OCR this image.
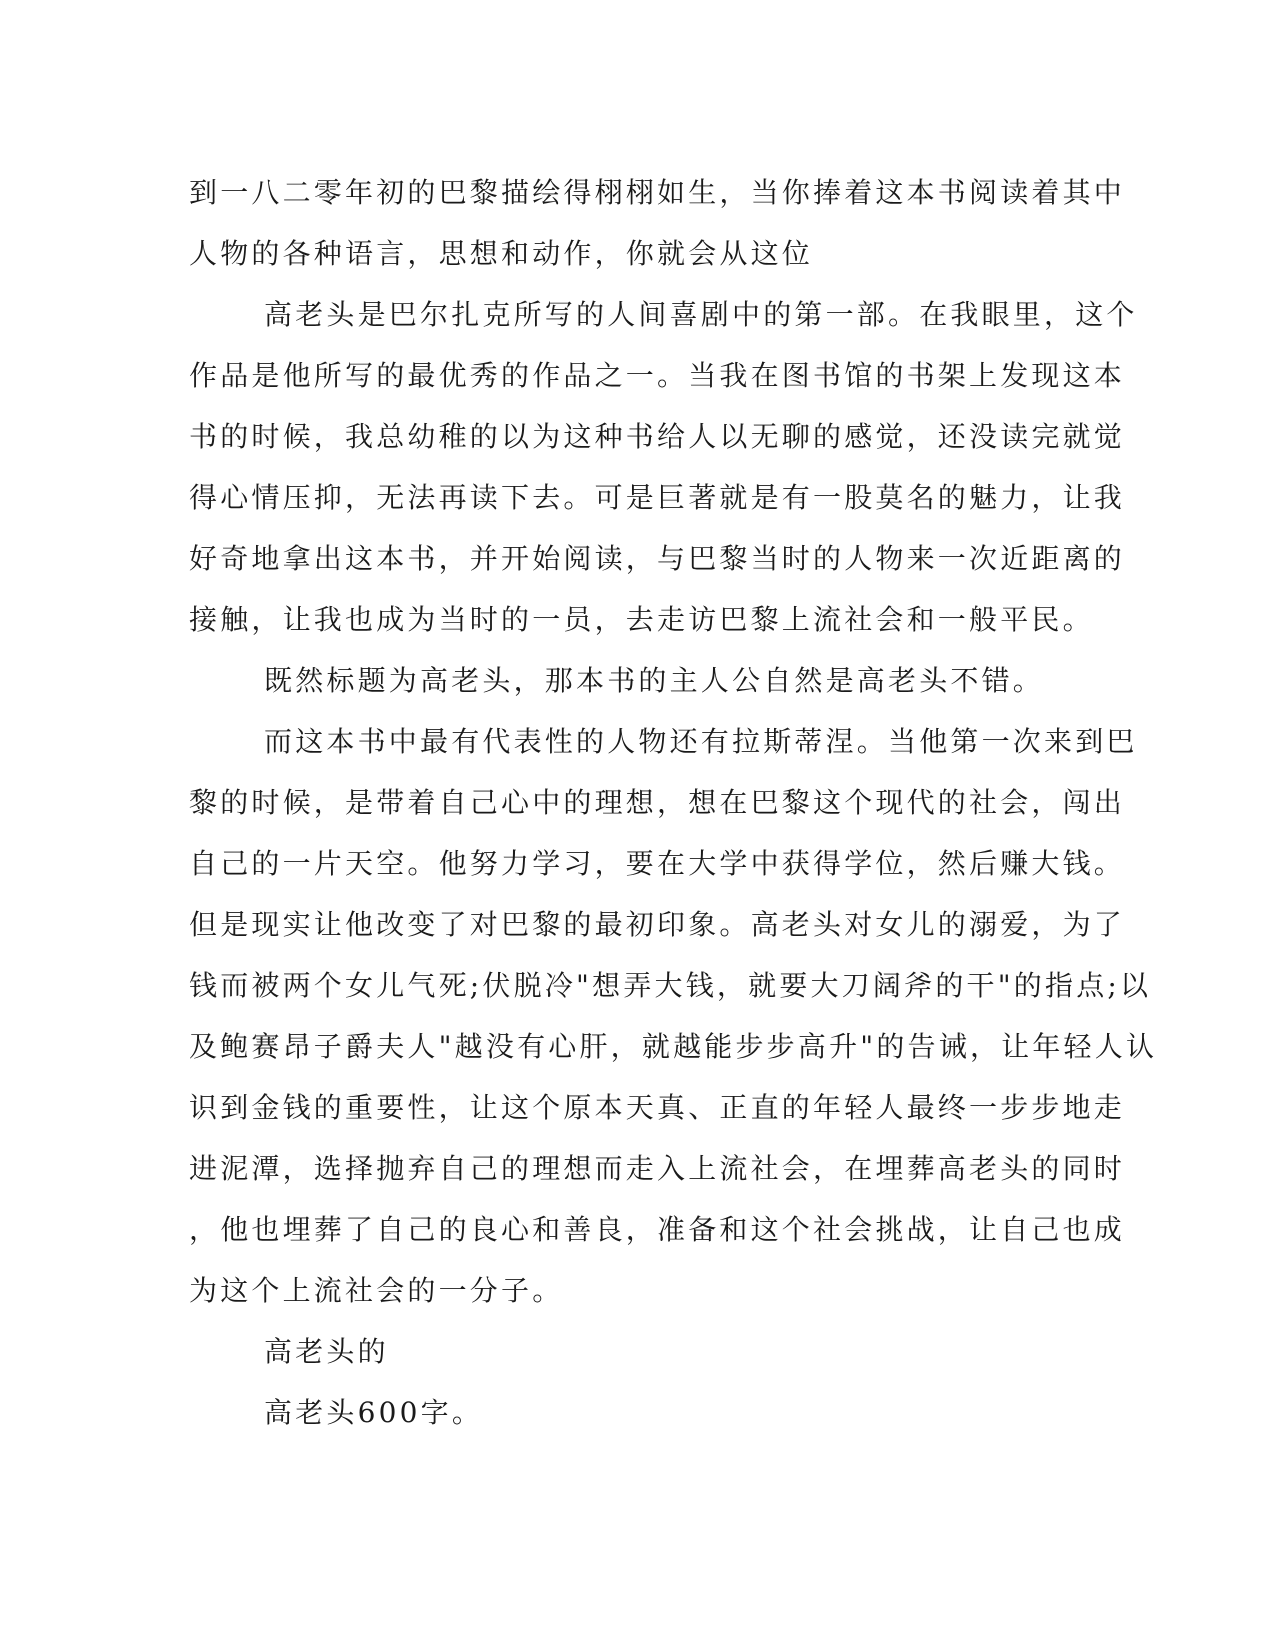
到一八二零年初的巴黎描绘得栩栩如生，当你捧着这本书阅读着其中
人物的各种语言，思想和动作，你就会从这位
高老头是巴尔扎克所写的人间喜剧中的第一部。在我眼里，这个
作品是他所写的最优秀的作品之一。当我在图书馆的书架上发现这本
书的时候，我总幼稚的以为这种书给人以无聊的感觉，还没读完就觉
得心情压抑，无法再读下去。可是巨著就是有一股莫名的魅力，让我
好奇地拿出这本书，并开始阅读，与巴黎当时的人物来一次近距离的
接触，让我也成为当时的一员，去走访巴黎上流社会和一般平民。
既然标题为高老头，那本书的主人公自然是高老头不错。
而这本书中最有代表性的人物还有拉斯蒂涅。当他第一次来到巴
黎的时候，是带着自己心中的理想，想在巴黎这个现代的社会，闯出
自己的一片天空。他努力学习，要在大学中获得学位，然后赚大钱。
但是现实让他改变了对巴黎的最初印象。高老头对女儿的溺爱，为了
钱而被两个女儿气死;伏脱冷"想弄大钱，就要大刀阔斧的干"的指点;以
及鲍赛昂子爵夫人"越没有心肝，就越能步步高升"的告诫，让年轻人认
识到金钱的重要性，让这个原本天真、正直的年轻人最终一步步地走
进泥潭，选择抛弃自己的理想而走入上流社会，在埋葬高老头的同时
，他也埋葬了自己的良心和善良，准备和这个社会挑战，让自己也成
为这个上流社会的一分子。
高老头的
高老头600字。
